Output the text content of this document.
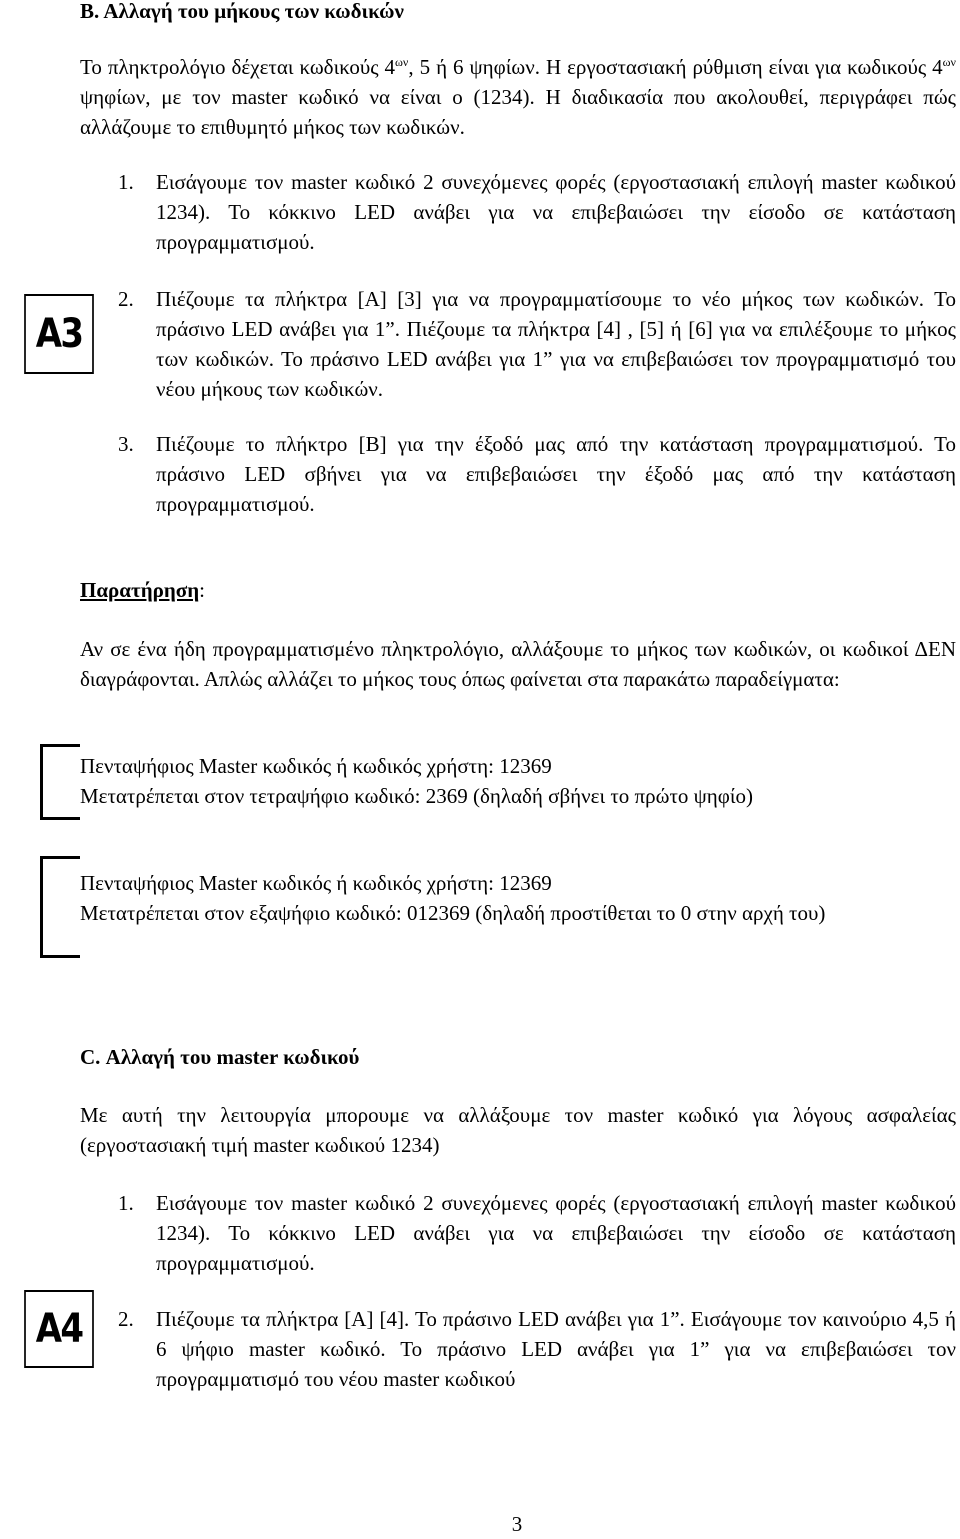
Β. Αλλαγή του μήκους των κωδικών
Το πληκτρολόγιο δέχεται κωδικούς $4^{\omega\nu}$, 5 ή 6 ψηφίων. Η εργοστασιακή ρύθμιση είναι για κωδικούς $4^{\omega\nu}$ ψηφίων, με τον master κωδικό να είναι ο (1234). Η διαδικασία που ακολουθεί, περιγράφει πώς αλλάζουμε το επιθυμητό μήκος των κωδικών.
A3
1.	Εισάγουμε τον master κωδικό 2 συνεχόμενες φορές (εργοστασιακή επιλογή master κωδικού 1234). Το κόκκινο LED ανάβει για να επιβεβαιώσει την είσοδο σε κατάσταση προγραμματισμού.
2.	Πιέζουμε τα πλήκτρα [A] [3] για να προγραμματίσουμε το νέο μήκος των κωδικών. Το πράσινο LED ανάβει για 1”. Πιέζουμε τα πλήκτρα [4] , [5] ή [6] για να επιλέξουμε το μήκος των κωδικών. Το πράσινο LED ανάβει για 1” για να επιβεβαιώσει τον προγραμματισμό του νέου μήκους των κωδικών.
3.	Πιέζουμε το πλήκτρο [B] για την έξοδό μας από την κατάσταση προγραμματισμού. Το πράσινο LED σβήνει για να επιβεβαιώσει την έξοδό μας από την κατάσταση προγραμματισμού.
Παρατήρηση:
Αν σε ένα ήδη προγραμματισμένο πληκτρολόγιο, αλλάξουμε το μήκος των κωδικών, οι κωδικοί ΔΕΝ διαγράφονται. Απλώς αλλάζει το μήκος τους όπως φαίνεται στα παρακάτω παραδείγματα:
Πενταψήφιος Master κωδικός ή κωδικός χρήστη: 12369
Μετατρέπεται στον τετραψήφιο κωδικό: 2369 (δηλαδή σβήνει το πρώτο ψηφίο)
Πενταψήφιος Master κωδικός ή κωδικός χρήστη: 12369
Μετατρέπεται στον εξαψήφιο κωδικό: 012369 (δηλαδή προστίθεται το 0 στην αρχή του)
C. Αλλαγή του master κωδικού
Με αυτή την λειτουργία μπορουμε να αλλάξουμε τον master κωδικό για λόγους ασφαλείας (εργοστασιακή τιμή master κωδικού 1234)
A4
1.	Εισάγουμε τον master κωδικό 2 συνεχόμενες φορές (εργοστασιακή επιλογή master κωδικού 1234). Το κόκκινο LED ανάβει για να επιβεβαιώσει την είσοδο σε κατάσταση προγραμματισμού.
2.	Πιέζουμε τα πλήκτρα [A] [4]. Το πράσινο LED ανάβει για 1”. Εισάγουμε τον καινούριο 4,5 ή 6 ψήφιο master κωδικό. Το πράσινο LED ανάβει για 1” για να επιβεβαιώσει τον προγραμματισμό του νέου master κωδικού
3
